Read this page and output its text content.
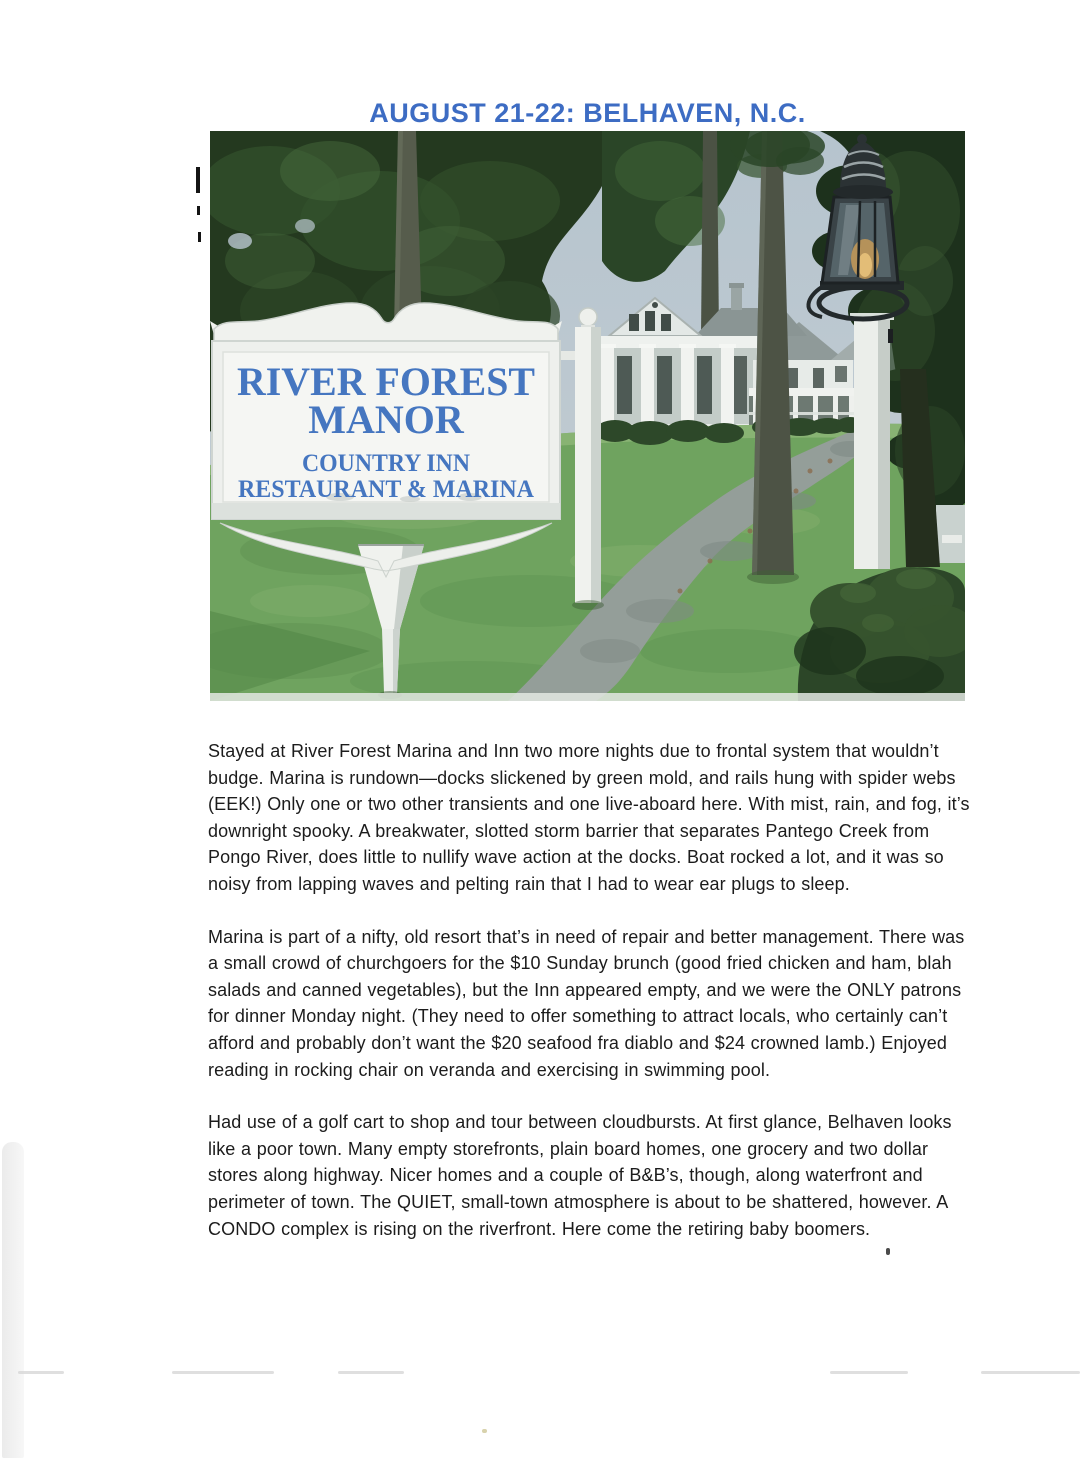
AUGUST 21-22: BELHAVEN, N.C.
RIVER FOREST
MANOR
COUNTRY INN
RESTAURANT & MARINA

Stayed at River Forest Marina and Inn two more nights due to frontal system that wouldn’t budge. Marina is rundown—docks slickened by green mold, and rails hung with spider webs (EEK!) Only one or two other transients and one live-aboard here. With mist, rain, and fog, it’s downright spooky. A breakwater, slotted storm barrier that separates Pantego Creek from Pongo River, does little to nullify wave action at the docks. Boat rocked a lot, and it was so noisy from lapping waves and pelting rain that I had to wear ear plugs to sleep.

Marina is part of a nifty, old resort that’s in need of repair and better management. There was a small crowd of churchgoers for the $10 Sunday brunch (good fried chicken and ham, blah salads and canned vegetables), but the Inn appeared empty, and we were the ONLY patrons for dinner Monday night. (They need to offer something to attract locals, who certainly can’t afford and probably don’t want the $20 seafood fra diablo and $24 crowned lamb.) Enjoyed reading in rocking chair on veranda and exercising in swimming pool.

Had use of a golf cart to shop and tour between cloudbursts. At first glance, Belhaven looks like a poor town. Many empty storefronts, plain board homes, one grocery and two dollar stores along highway. Nicer homes and a couple of B&B’s, though, along waterfront and perimeter of town. The QUIET, small-town atmosphere is about to be shattered, however. A CONDO complex is rising on the riverfront. Here come the retiring baby boomers.
